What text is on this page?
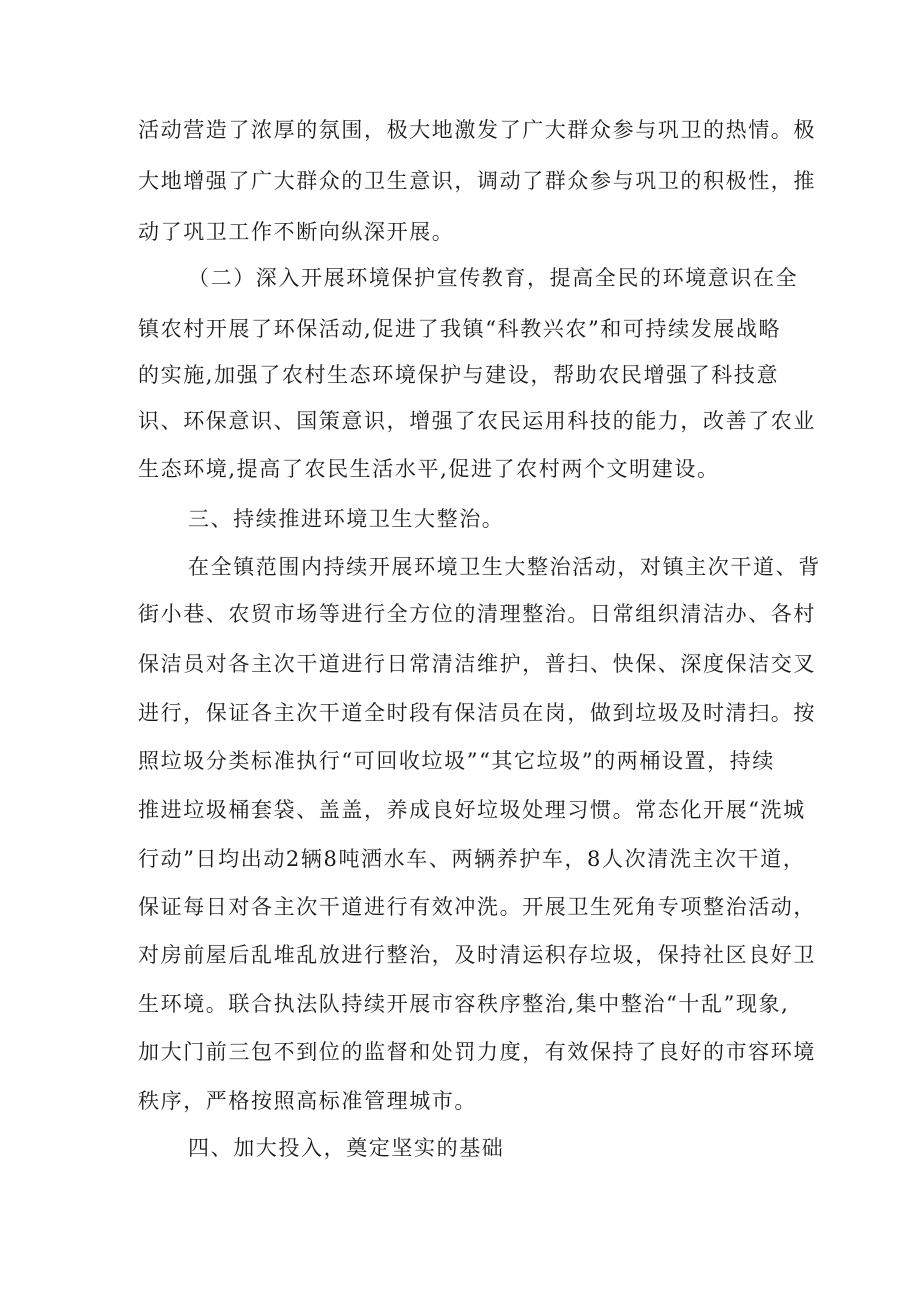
活动营造了浓厚的氛围，极大地激发了广大群众参与巩卫的热情。极
大地增强了广大群众的卫生意识，调动了群众参与巩卫的积极性，推
动了巩卫工作不断向纵深开展。
（二）深入开展环境保护宣传教育，提高全民的环境意识在全
镇农村开展了环保活动,促进了我镇“科教兴农”和可持续发展战略
的实施,加强了农村生态环境保护与建设，帮助农民增强了科技意
识、环保意识、国策意识，增强了农民运用科技的能力，改善了农业
生态环境,提高了农民生活水平,促进了农村两个文明建设。
三、持续推进环境卫生大整治。
在全镇范围内持续开展环境卫生大整治活动，对镇主次干道、背
街小巷、农贸市场等进行全方位的清理整治。日常组织清洁办、各村
保洁员对各主次干道进行日常清洁维护，普扫、快保、深度保洁交叉
进行，保证各主次干道全时段有保洁员在岗，做到垃圾及时清扫。按
照垃圾分类标准执行“可回收垃圾”“其它垃圾”的两桶设置，持续
推进垃圾桶套袋、盖盖，养成良好垃圾处理习惯。常态化开展“洗城
行动”日均出动2辆8吨洒水车、两辆养护车，8人次清洗主次干道，
保证每日对各主次干道进行有效冲洗。开展卫生死角专项整治活动，
对房前屋后乱堆乱放进行整治，及时清运积存垃圾，保持社区良好卫
生环境。联合执法队持续开展市容秩序整治,集中整治“十乱”现象,
加大门前三包不到位的监督和处罚力度，有效保持了良好的市容环境
秩序，严格按照高标准管理城市。
四、加大投入，奠定坚实的基础
